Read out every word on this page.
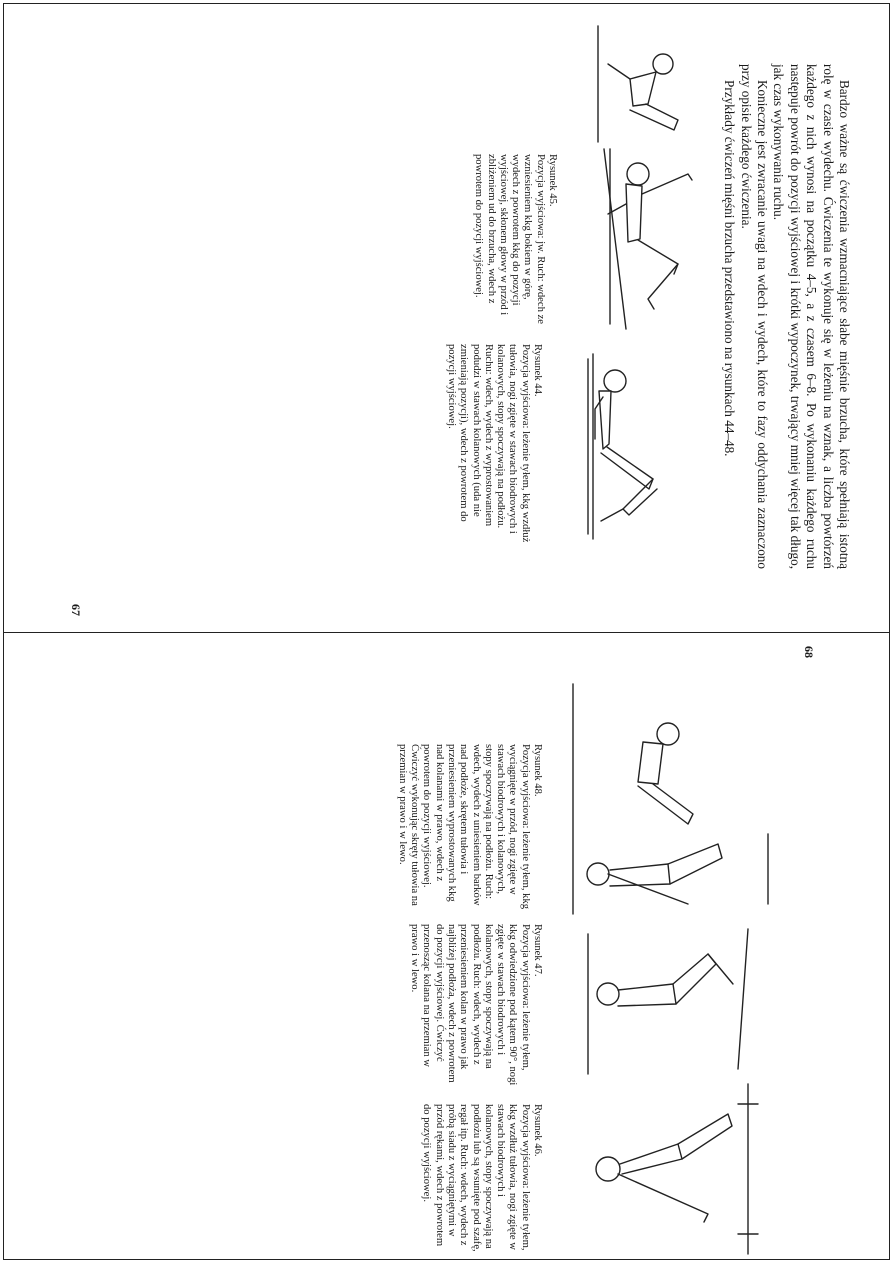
Bardzo ważne są ćwiczenia wzmacniające słabe mięśnie brzucha, które spełniają istotną rolę w czasie wydechu. Ćwiczenia te wykonuje się w leżeniu na wznak, a liczba powtórzeń każdego z nich wynosi na początku 4–5, a z czasem 6–8. Po wykonaniu każdego ruchu następuje powrót do pozycji wyjściowej i krótki wypoczynek, trwający mniej więcej tak długo, jak czas wykonywania ruchu.

Konieczne jest zwracanie uwagi na wdech i wydech, które to fazy oddychania zaznaczono przy opisie każdego ćwiczenia.

Przykłady ćwiczeń mięśni brzucha przedstawiono na rysunkach 44–48.

Rysunek 44.
Pozycja wyjściowa: leżenie tyłem, kkg wzdłuż tułowia, nogi zgięte w stawach biodrowych i kolanowych, stopy spoczywają na podłożu. Ruchu: wdech, wydech z wyprostowaniem podudzi w stawach kolanowych (uda nie zmieniają pozycji), wdech z powrotem do pozycji wyjściowej.
Rysunek 45.
Pozycja wyjściowa: jw. Ruch: wdech ze wzniesieniem kkg bokiem w górę, wydech z powrotem kkg do pozycji wyjściowej, skłonem głowy w przód i zbliżeniem ud do brzucha, wdech z powrotem do pozycji wyjściowej.
67
68
Rysunek 46.
Pozycja wyjściowa: leżenie tyłem, kkg wzdłuż tułowia, nogi zgięte w stawach biodrowych i kolanowych, stopy spoczywają na podłożu lub są wsunięte pod szafę, regał itp. Ruch: wdech, wydech z próbą siadu z wyciągniętymi w przód rękami, wdech z powrotem do pozycji wyjściowej.
Rysunek 47.
Pozycja wyjściowa: leżenie tyłem, kkg odwiedzione pod kątem 90°, nogi zgięte w stawach biodrowych i kolanowych, stopy spoczywają na podłożu. Ruch: wdech, wydech z przeniesieniem kolan w prawo jak najbliżej podłoża, wdech z powrotem do pozycji wyjściowej. Ćwiczyć przenosząc kolana na przemian w prawo i w lewo.
Rysunek 48.
Pozycja wyjściowa: leżenie tyłem, kkg wyciągnięte w przód, nogi zgięte w stawach biodrowych i kolanowych, stopy spoczywają na podłożu. Ruch: wdech, wydech z uniesieniem barków nad podłoże, skrętem tułowia i przeniesieniem wyprostowanych kkg nad kolanami w prawo, wdech z powrotem do pozycji wyjściowej. Ćwiczyć wykonując skręty tułowia na przemian w prawo i w lewo.
